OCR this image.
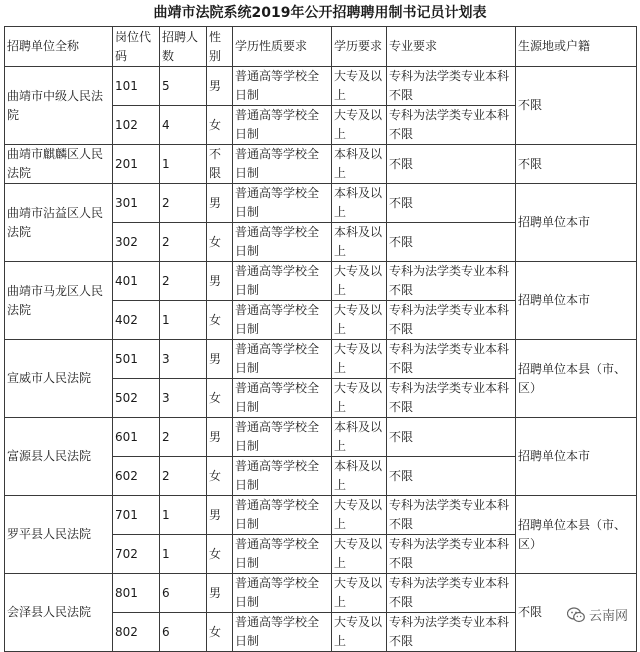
曲靖市法院系统2019年公开招聘聘用制书记员计划表
招聘单位全称	岗位代码	招聘人数	性别	学历性质要求	学历要求	专业要求	生源地或户籍
曲靖市中级人民法院	101	5	男	普通高等学校全日制	大专及以上	专科为法学类专业本科不限	不限
	102	4	女	普通高等学校全日制	大专及以上	专科为法学类专业本科不限	
曲靖市麒麟区人民法院	201	1	不限	普通高等学校全日制	本科及以上	不限	不限
曲靖市沾益区人民法院	301	2	男	普通高等学校全日制	本科及以上	不限	招聘单位本市
	302	2	女	普通高等学校全日制	本科及以上	不限	
曲靖市马龙区人民法院	401	2	男	普通高等学校全日制	大专及以上	专科为法学类专业本科不限	招聘单位本市
	402	1	女	普通高等学校全日制	大专及以上	专科为法学类专业本科不限	
宣威市人民法院	501	3	男	普通高等学校全日制	大专及以上	专科为法学类专业本科不限	招聘单位本县（市、区）
	502	3	女	普通高等学校全日制	大专及以上	专科为法学类专业本科不限	
富源县人民法院	601	2	男	普通高等学校全日制	本科及以上	不限	招聘单位本市
	602	2	女	普通高等学校全日制	本科及以上	不限	
罗平县人民法院	701	1	男	普通高等学校全日制	大专及以上	专科为法学类专业本科不限	招聘单位本县（市、区）
	702	1	女	普通高等学校全日制	大专及以上	专科为法学类专业本科不限	
会泽县人民法院	801	6	男	普通高等学校全日制	大专及以上	专科为法学类专业本科不限	不限
	802	6	女	普通高等学校全日制	大专及以上	专科为法学类专业本科不限	
云南网
